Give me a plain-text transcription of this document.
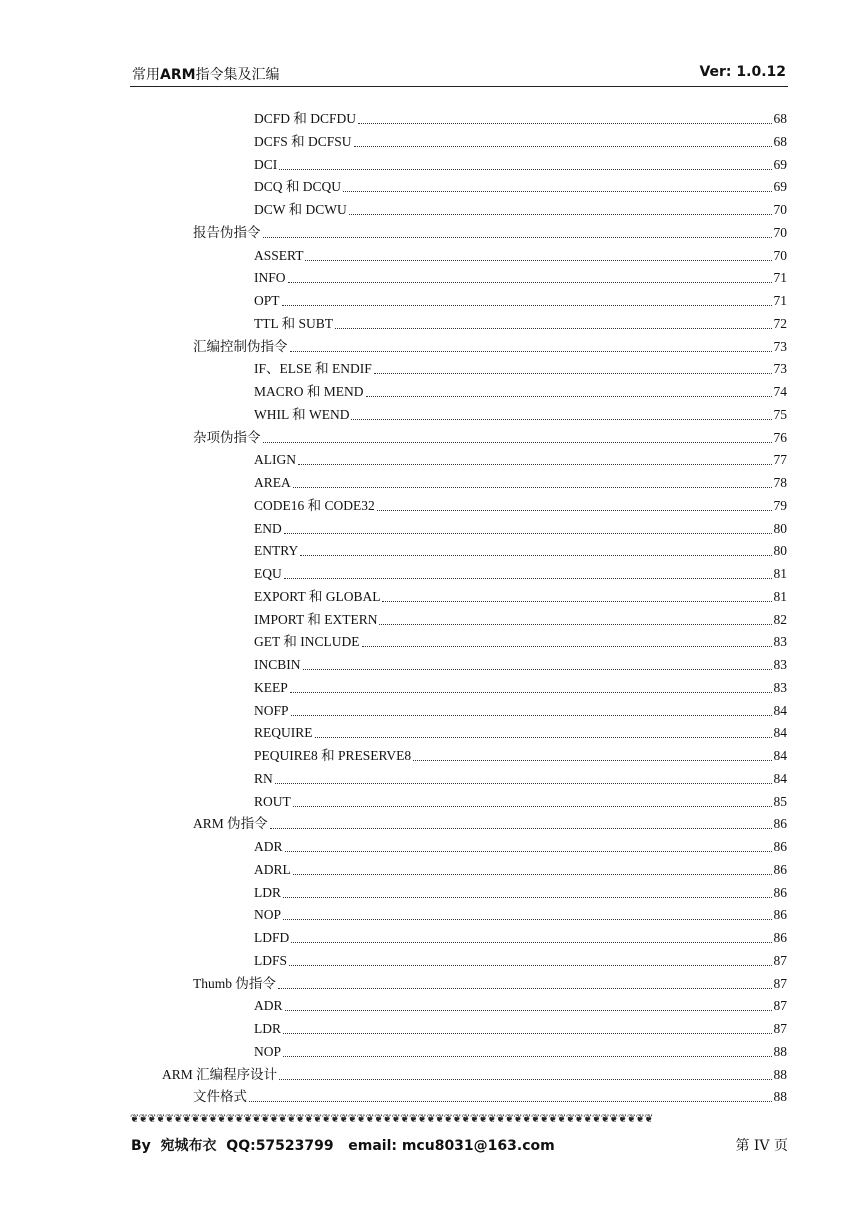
常用ARM指令集及汇编	Ver: 1.0.12
DCFD 和 DCFDU	68
DCFS 和 DCFSU	68
DCI	69
DCQ 和 DCQU	69
DCW 和 DCWU	70
报告伪指令	70
ASSERT	70
INFO	71
OPT	71
TTL 和 SUBT	72
汇编控制伪指令	73
IF、ELSE 和 ENDIF	73
MACRO 和 MEND	74
WHIL 和 WEND	75
杂项伪指令	76
ALIGN	77
AREA	78
CODE16 和 CODE32	79
END	80
ENTRY	80
EQU	81
EXPORT 和 GLOBAL	81
IMPORT 和 EXTERN	82
GET 和 INCLUDE	83
INCBIN	83
KEEP	83
NOFP	84
REQUIRE	84
PEQUIRE8 和 PRESERVE8	84
RN	84
ROUT	85
ARM 伪指令	86
ADR	86
ADRL	86
LDR	86
NOP	86
LDFD	86
LDFS	87
Thumb 伪指令	87
ADR	87
LDR	87
NOP	88
ARM 汇编程序设计	88
文件格式	88
❦❦❦❦❦❦❦❦❦❦❦❦❦❦❦❦❦❦❦❦❦❦❦❦❦❦❦❦❦❦❦❦❦❦❦❦❦❦❦❦❦❦❦❦❦❦❦❦❦❦❦❦❦❦❦❦❦❦❦❦
By  宛城布衣  QQ:57523799   email: mcu8031@163.com	第 IV 页
